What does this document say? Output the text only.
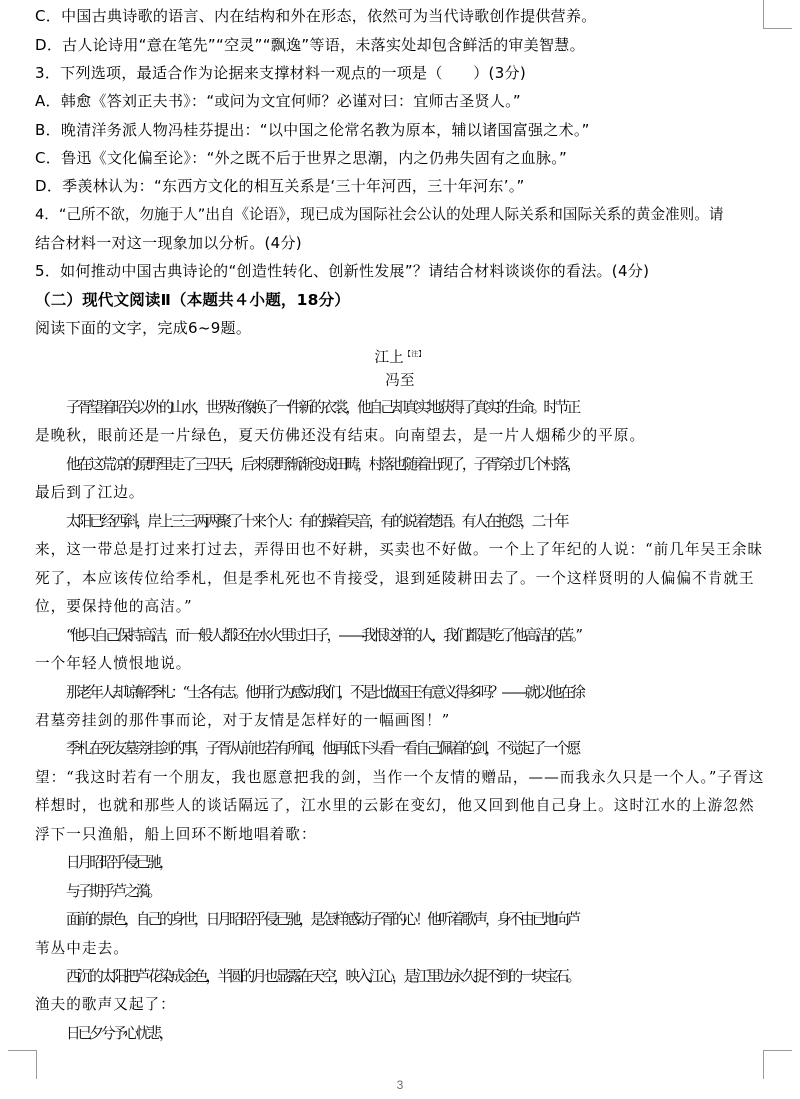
C．中国古典诗歌的语言、内在结构和外在形态，依然可为当代诗歌创作提供营养。
D．古人论诗用“意在笔先”“空灵”“飘逸”等语，未落实处却包含鲜活的审美智慧。
3．下列选项，最适合作为论据来支撑材料一观点的一项是（　　）(3分)
A．韩愈《答刘正夫书》：“或问为文宜何师？必谨对曰：宜师古圣贤人。”
B．晚清洋务派人物冯桂芬提出：“以中国之伦常名教为原本，辅以诸国富强之术。”
C．鲁迅《文化偏至论》：“外之既不后于世界之思潮，内之仍弗失固有之血脉。”
D．季羡林认为：“东西方文化的相互关系是‘三十年河西，三十年河东’。”
4．“己所不欲，勿施于人”出自《论语》，现已成为国际社会公认的处理人际关系和国际关系的黄金准则。请
结合材料一对这一现象加以分析。(4分)
5．如何推动中国古典诗论的“创造性转化、创新性发展”？请结合材料谈谈你的看法。(4分)
（二）现代文阅读Ⅱ（本题共４小题，18分）
阅读下面的文字，完成6~9题。
江上$^{【注】}$
冯至
子胥望着昭关以外的山水，世界好像换了一件新的衣裳，他自己却真实地获得了真实的生命。时节正
是晚秋，眼前还是一片绿色，夏天仿佛还没有结束。向南望去，是一片人烟稀少的平原。
他在这荒凉的原野里走了三四天，后来原野渐渐变成田畴，村落也随着出现了，子胥穿过几个村落，
最后到了江边。
太阳已经西斜，岸上三三两两聚了十来个人：有的操着吴音，有的说着楚语。有人在抱怨，二十年
来，这一带总是打过来打过去，弄得田也不好耕，买卖也不好做。一个上了年纪的人说：“前几年吴王余昧
死了，本应该传位给季札，但是季札死也不肯接受，退到延陵耕田去了。一个这样贤明的人偏偏不肯就王
位，要保持他的高洁。”
“他只自己保持高洁，而一般人都还在水火里过日子，——我恨这样的人，我们都是吃了他高洁的苦。”
一个年轻人愤恨地说。
那老年人却谅解季札：“士各有志。他用行为感动我们，不是比做国王有意义得多吗？——就以他在徐
君墓旁挂剑的那件事而论，对于友情是怎样好的一幅画图！”
季札在死友墓旁挂剑的事，子胥从前也若有所闻，他再低下头看一看自己佩着的剑，不觉起了一个愿
望：“我这时若有一个朋友，我也愿意把我的剑，当作一个友情的赠品，——而我永久只是一个人。”子胥这
样想时，也就和那些人的谈话隔远了，江水里的云影在变幻，他又回到他自己身上。这时江水的上游忽然
浮下一只渔船，船上回环不断地唱着歌：
日月昭昭乎侵已驰，
与子期乎芦之漪。
面前的景色，自己的身世，日月昭昭乎侵已驰，是怎样感动子胥的心！他听着歌声，身不由已地向芦
苇丛中走去。
西沉的太阳把芦花染成金色，半圆的月也显露在天空，映入江心，是江里边永久捉不到的一块宝石。
渔夫的歌声又起了：
日已夕兮予心忧悲，
3
